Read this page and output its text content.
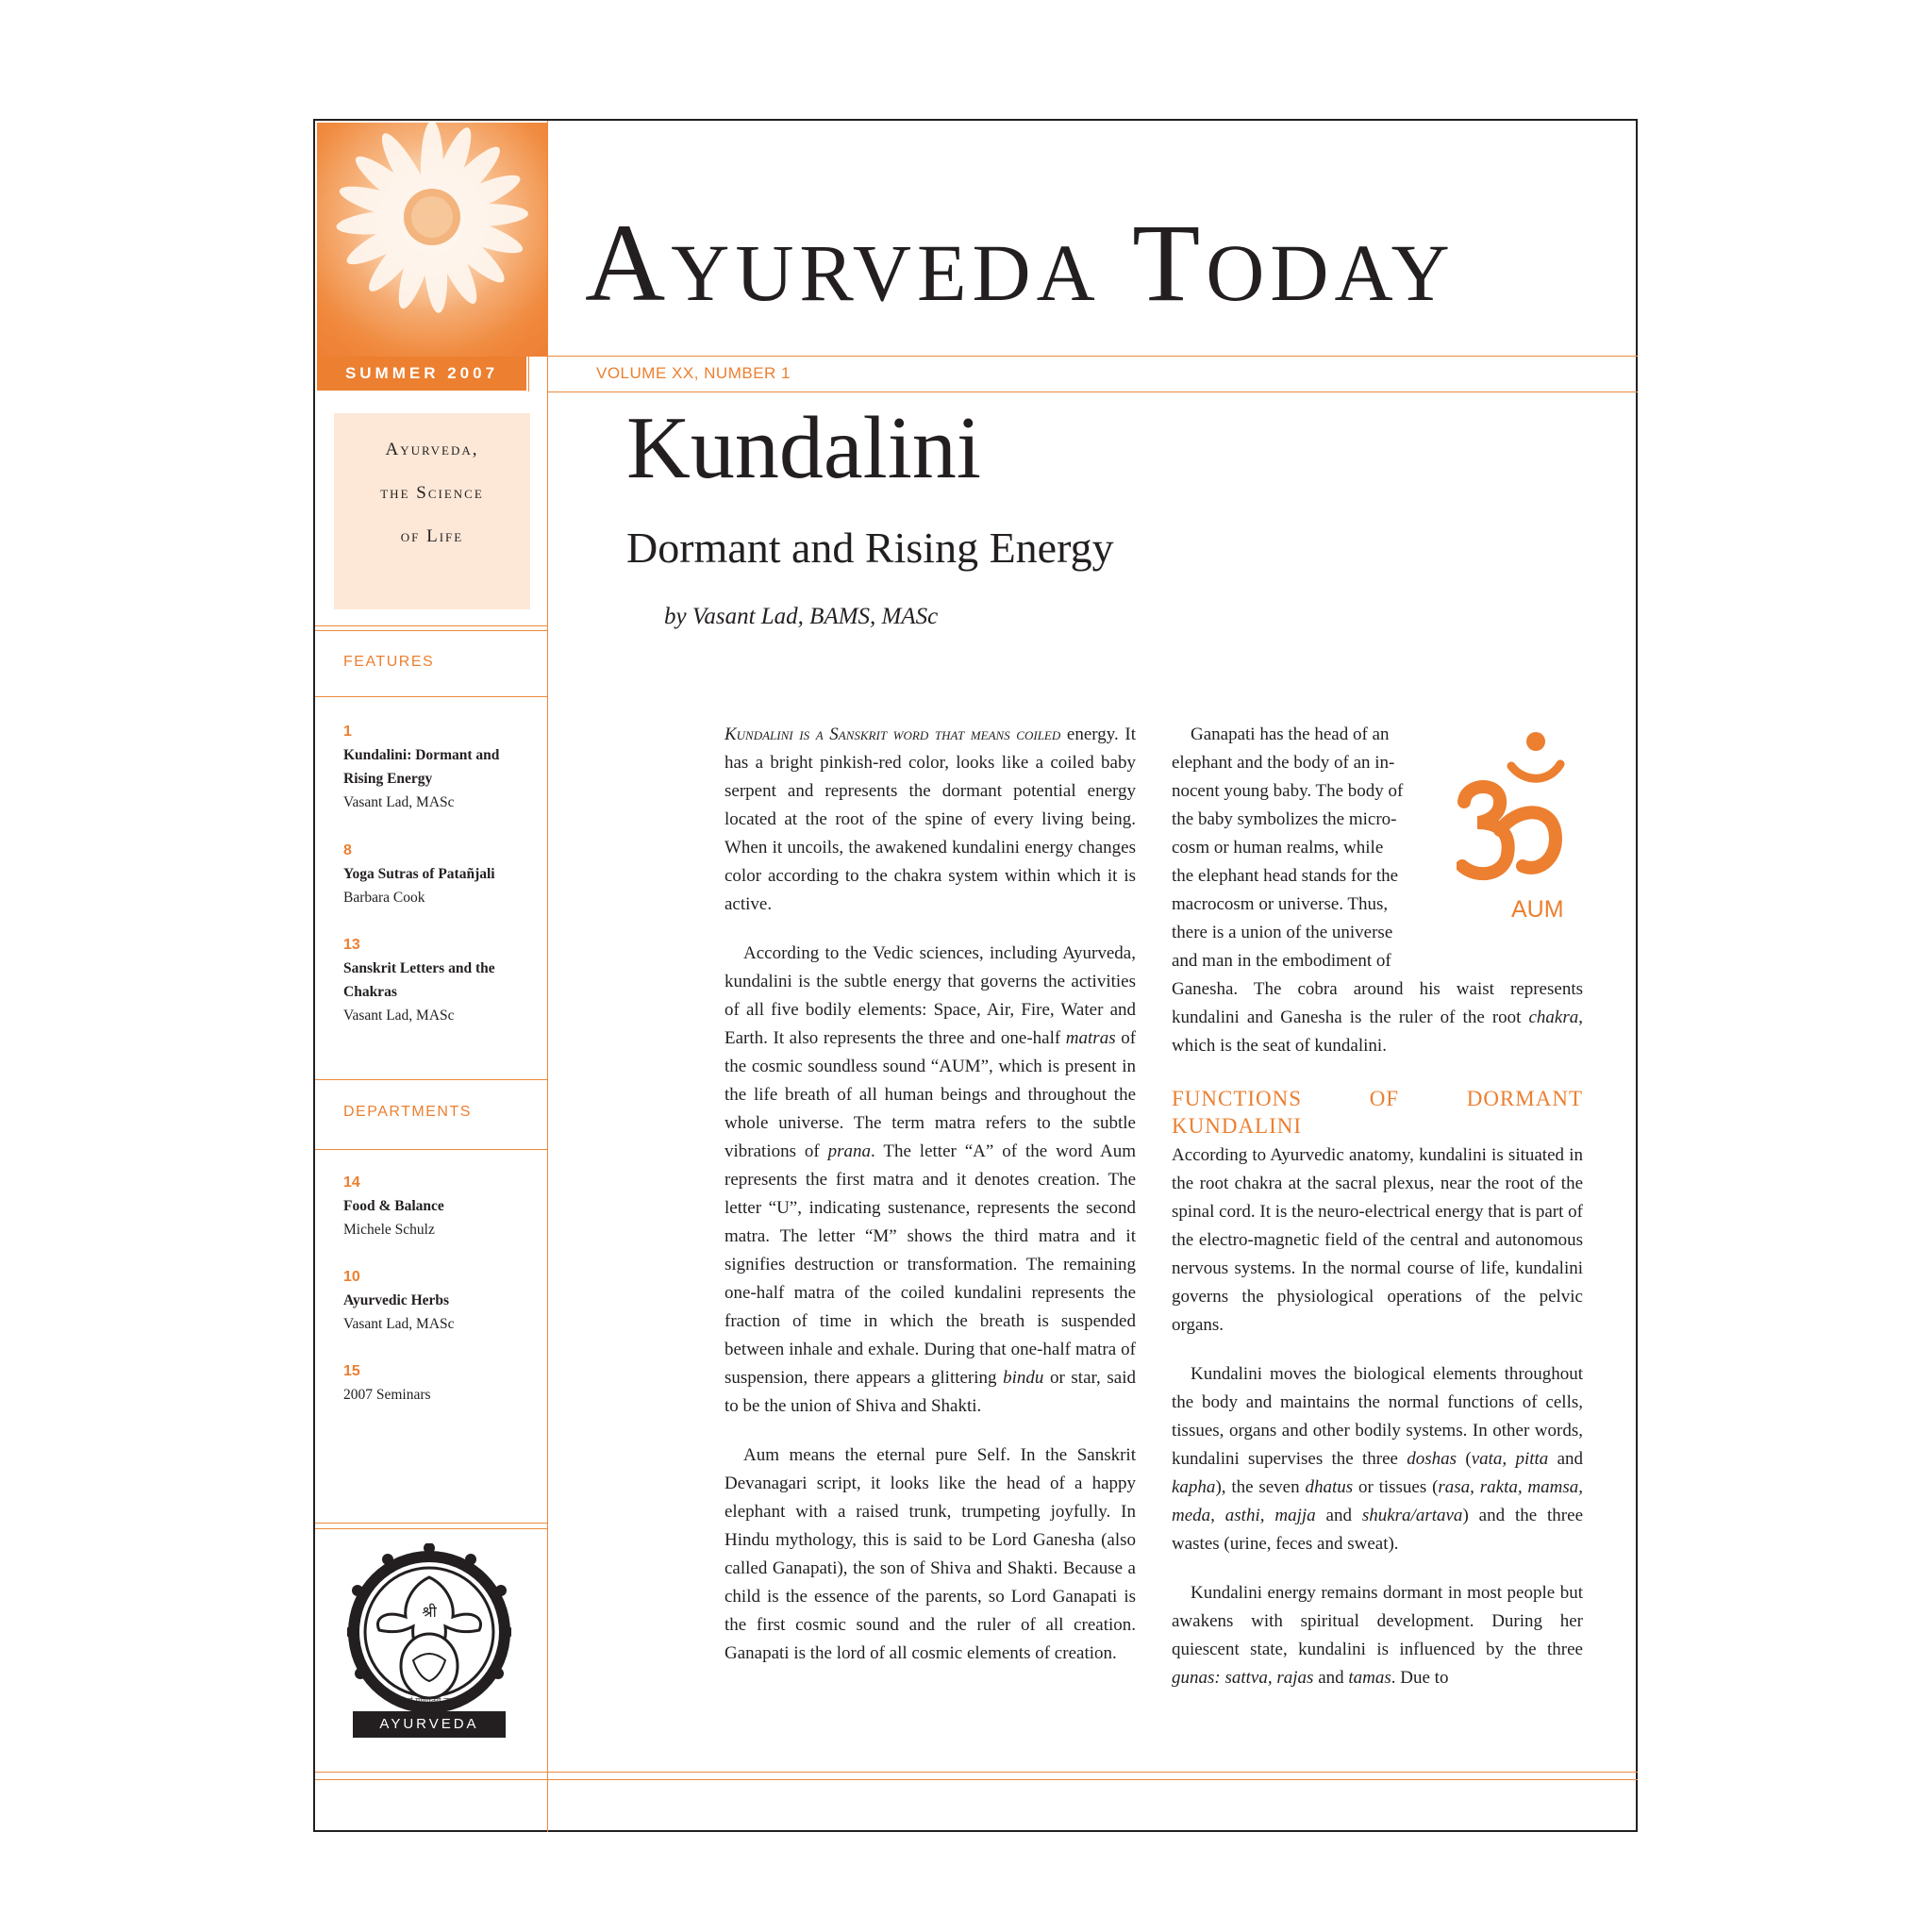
SUMMER 2007
AYURVEDA TODAY
VOLUME XX, NUMBER 1

Ayurveda,

the Science

of Life

FEATURES
1
Kundalini: Dormant and Rising Energy
Vasant Lad, MASc
8
Yoga Sutras of Patañjali
Barbara Cook
13
Sanskrit Letters and the Chakras
Vasant Lad, MASc
DEPARTMENTS
14
Food & Balance
Michele Schulz
10
Ayurvedic Herbs
Vasant Lad, MASc
15
2007 Seminars
श्री
ॐ गं गणपतये नमः ।
AYURVEDA
Kundalini
Dormant and Rising Energy
by Vasant Lad, BAMS, MASc

Kundalini is a Sanskrit word that means coiled energy. It has a bright pinkish-red color, looks like a coiled baby serpent and represents the dormant potential energy located at the root of the spine of every living being. When it uncoils, the awakened kundalini energy changes color according to the chakra system within which it is active.

According to the Vedic sciences, including Ayurveda, kundalini is the subtle energy that governs the activities of all five bodily elements: Space, Air, Fire, Water and Earth. It also represents the three and one-half matras of the cosmic soundless sound “AUM”, which is present in the life breath of all human beings and throughout the whole universe. The term matra refers to the subtle vibrations of prana. The letter “A” of the word Aum represents the first matra and it denotes creation. The letter “U”, indicating sustenance, represents the second matra. The letter “M” shows the third matra and it signifies destruction or transformation. The remaining one-half matra of the coiled kundalini represents the fraction of time in which the breath is suspended between inhale and exhale. During that one-half matra of suspension, there appears a glittering bindu or star, said to be the union of Shiva and Shakti.

Aum means the eternal pure Self. In the Sanskrit Devanagari script, it looks like the head of a happy elephant with a raised trunk, trumpeting joyfully. In Hindu mythology, this is said to be Lord Ganesha (also called Ganapati), the son of Shiva and Shakti. Because a child is the essence of the parents, so Lord Ganapati is the first cosmic sound and the ruler of all creation. Ganapati is the lord of all cosmic elements of creation.

Ganapati has the head of an
elephant and the body of an in-
nocent young baby. The body of
the baby symbolizes the micro-
cosm or human realms, while
the elephant head stands for the
macrocosm or universe. Thus,
there is a union of the universe
and man in the embodiment of
Ganesha. The cobra around his waist represents kundalini and Ganesha is the ruler of the root chakra, which is the seat of kundalini.
FUNCTIONS OF DORMANT KUNDALINI

According to Ayurvedic anatomy, kundalini is situated in the root chakra at the sacral plexus, near the root of the spinal cord. It is the neuro-electrical energy that is part of the electro-magnetic field of the central and autonomous nervous systems. In the normal course of life, kundalini governs the physiological operations of the pelvic organs.

Kundalini moves the biological elements throughout the body and maintains the normal functions of cells, tissues, organs and other bodily systems. In other words, kundalini supervises the three doshas (vata, pitta and kapha), the seven dhatus or tissues (rasa, rakta, mamsa, meda, asthi, majja and shukra/artava) and the three wastes (urine, feces and sweat).

Kundalini energy remains dormant in most people but awakens with spiritual development. During her quiescent state, kundalini is influenced by the three gunas: sattva, rajas and tamas. Due to

AUM
